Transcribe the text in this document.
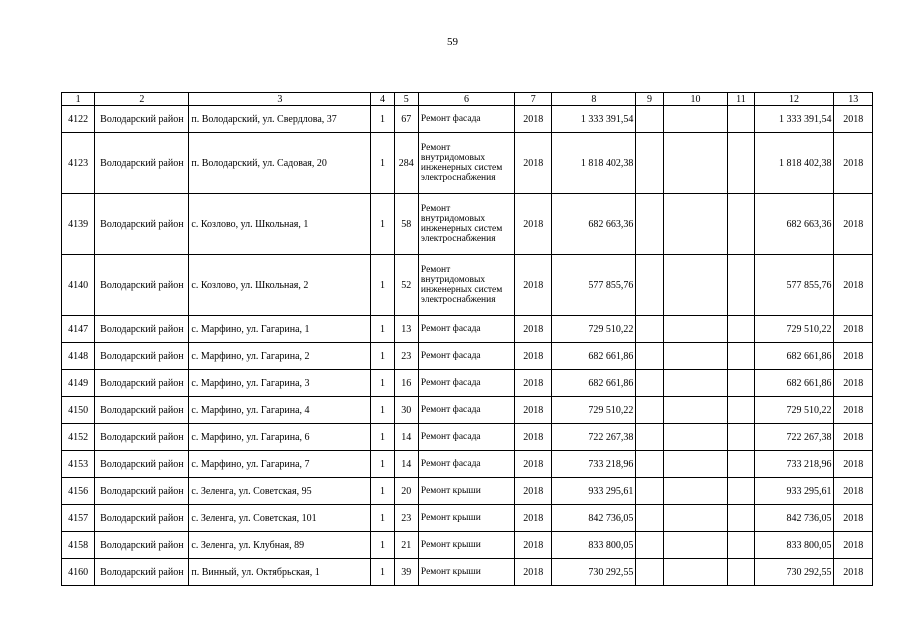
59
1	2	3	4	5	6	7	8	9	10	11	12	13
4122	Володарский район	п. Володарский, ул. Свердлова, 37	1	67	Ремонт фасада	2018	1 333 391,54				1 333 391,54	2018
4123	Володарский район	п. Володарский, ул. Садовая, 20	1	284	Ремонт внутридомовых инженерных систем электроснабжения	2018	1 818 402,38				1 818 402,38	2018
4139	Володарский район	с. Козлово, ул. Школьная, 1	1	58	Ремонт внутридомовых инженерных систем электроснабжения	2018	682 663,36				682 663,36	2018
4140	Володарский район	с. Козлово, ул. Школьная, 2	1	52	Ремонт внутридомовых инженерных систем электроснабжения	2018	577 855,76				577 855,76	2018
4147	Володарский район	с. Марфино, ул. Гагарина, 1	1	13	Ремонт фасада	2018	729 510,22				729 510,22	2018
4148	Володарский район	с. Марфино, ул. Гагарина, 2	1	23	Ремонт фасада	2018	682 661,86				682 661,86	2018
4149	Володарский район	с. Марфино, ул. Гагарина, 3	1	16	Ремонт фасада	2018	682 661,86				682 661,86	2018
4150	Володарский район	с. Марфино, ул. Гагарина, 4	1	30	Ремонт фасада	2018	729 510,22				729 510,22	2018
4152	Володарский район	с. Марфино, ул. Гагарина, 6	1	14	Ремонт фасада	2018	722 267,38				722 267,38	2018
4153	Володарский район	с. Марфино, ул. Гагарина, 7	1	14	Ремонт фасада	2018	733 218,96				733 218,96	2018
4156	Володарский район	с. Зеленга, ул. Советская, 95	1	20	Ремонт крыши	2018	933 295,61				933 295,61	2018
4157	Володарский район	с. Зеленга, ул. Советская, 101	1	23	Ремонт крыши	2018	842 736,05				842 736,05	2018
4158	Володарский район	с. Зеленга, ул. Клубная, 89	1	21	Ремонт крыши	2018	833 800,05				833 800,05	2018
4160	Володарский район	п. Винный, ул. Октябрьская, 1	1	39	Ремонт крыши	2018	730 292,55				730 292,55	2018
